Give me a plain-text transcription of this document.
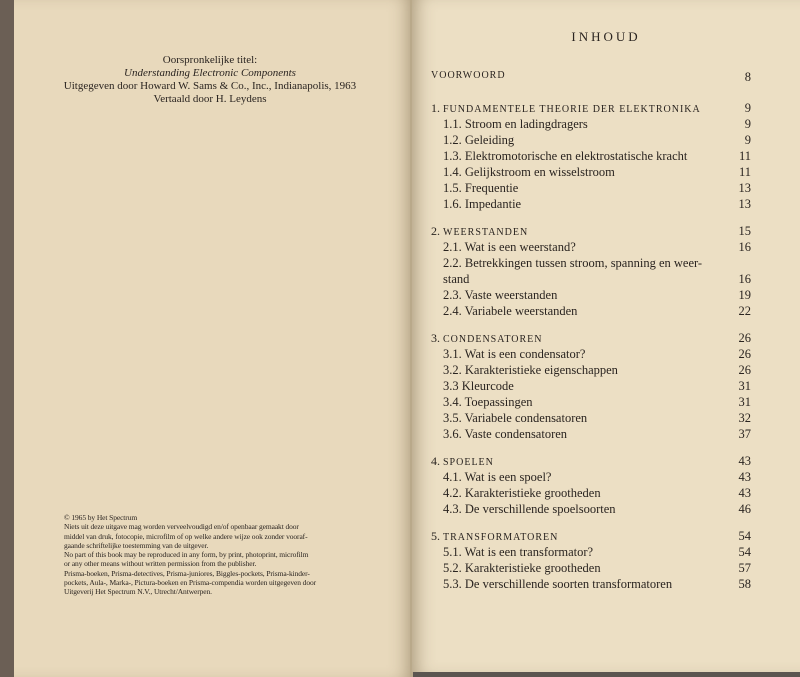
Oorspronkelijke titel:
Understanding Electronic Components
Uitgegeven door Howard W. Sams & Co., Inc., Indianapolis, 1963
Vertaald door H. Leydens
© 1965 by Het Spectrum
Niets uit deze uitgave mag worden verveelvoudigd en/of openbaar gemaakt door
middel van druk, fotocopie, microfilm of op welke andere wijze ook zonder vooraf-
gaande schriftelijke toestemming van de uitgever.
No part of this book may be reproduced in any form, by print, photoprint, microfilm
or any other means without written permission from the publisher.
Prisma-boeken, Prisma-detectives, Prisma-juniores, Biggles-pockets, Prisma-kinder-
pockets, Aula-, Marka-, Pictura-boeken en Prisma-compendia worden uitgegeven door
Uitgeverij Het Spectrum N.V., Utrecht/Antwerpen.
INHOUD
VOORWOORD	8
1. FUNDAMENTELE THEORIE DER ELEKTRONIKA	9
1.1. Stroom en ladingdragers	9
1.2. Geleiding	9
1.3. Elektromotorische en elektrostatische kracht	11
1.4. Gelijkstroom en wisselstroom	11
1.5. Frequentie	13
1.6. Impedantie	13
2. WEERSTANDEN	15
2.1. Wat is een weerstand?	16
2.2. Betrekkingen tussen stroom, spanning en weer-
stand	16
2.3. Vaste weerstanden	19
2.4. Variabele weerstanden	22
3. CONDENSATOREN	26
3.1. Wat is een condensator?	26
3.2. Karakteristieke eigenschappen	26
3.3 Kleurcode	31
3.4. Toepassingen	31
3.5. Variabele condensatoren	32
3.6. Vaste condensatoren	37
4. SPOELEN	43
4.1. Wat is een spoel?	43
4.2. Karakteristieke grootheden	43
4.3. De verschillende spoelsoorten	46
5. TRANSFORMATOREN	54
5.1. Wat is een transformator?	54
5.2. Karakteristieke grootheden	57
5.3. De verschillende soorten transformatoren	58
